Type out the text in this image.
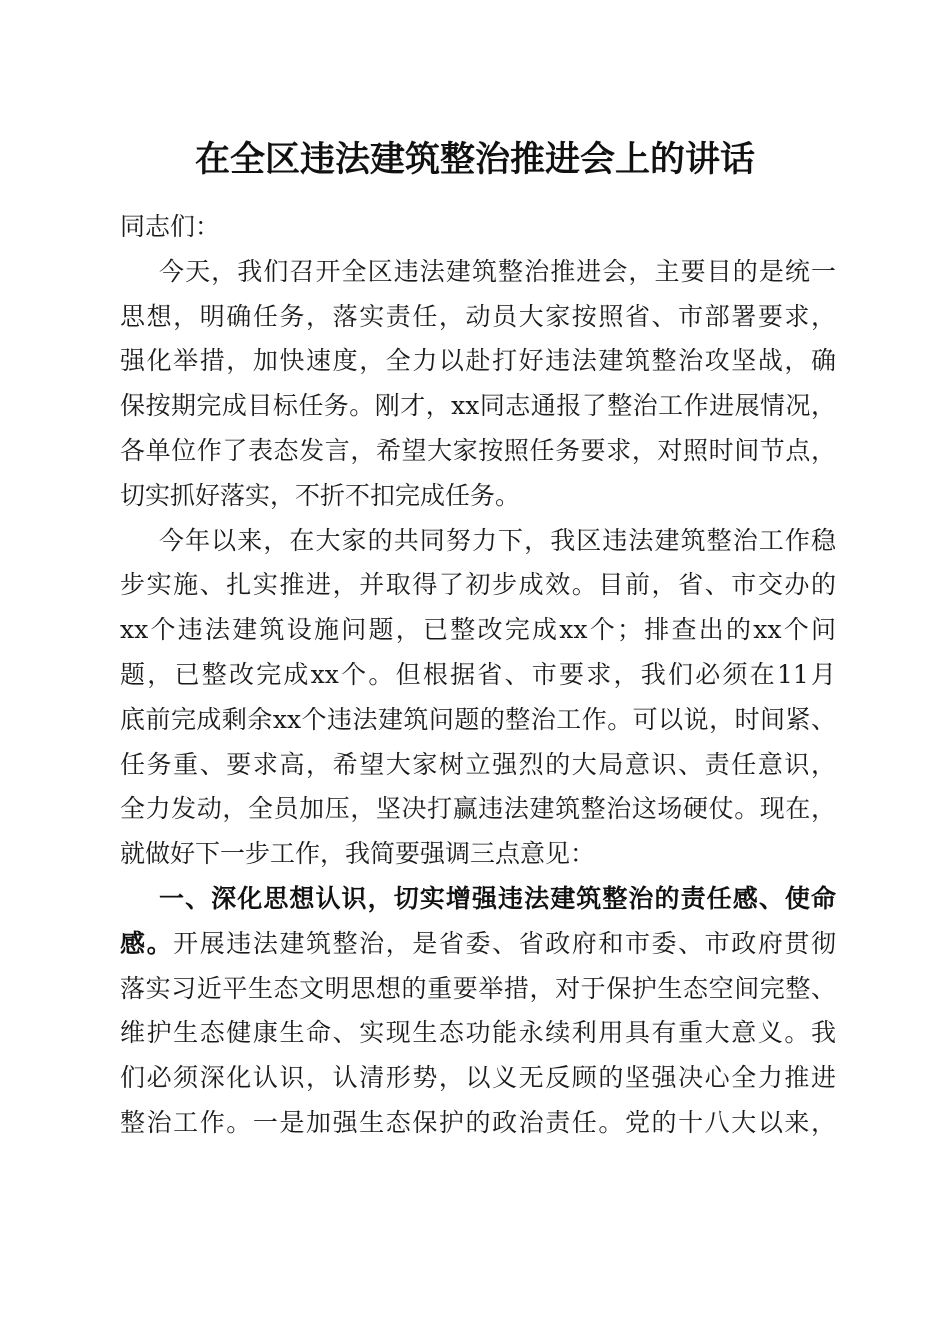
在全区违法建筑整治推进会上的讲话
同志们：
今天，我们召开全区违法建筑整治推进会，主要目的是统一
思想，明确任务，落实责任，动员大家按照省、市部署要求，
强化举措，加快速度，全力以赴打好违法建筑整治攻坚战，确
保按期完成目标任务。刚才，xx同志通报了整治工作进展情况，
各单位作了表态发言，希望大家按照任务要求，对照时间节点，
切实抓好落实，不折不扣完成任务。
今年以来，在大家的共同努力下，我区违法建筑整治工作稳
步实施、扎实推进，并取得了初步成效。目前，省、市交办的
xx个违法建筑设施问题，已整改完成xx个；排查出的xx个问
题，已整改完成xx个。但根据省、市要求，我们必须在11月
底前完成剩余xx个违法建筑问题的整治工作。可以说，时间紧、
任务重、要求高，希望大家树立强烈的大局意识、责任意识，
全力发动，全员加压，坚决打赢违法建筑整治这场硬仗。现在，
就做好下一步工作，我简要强调三点意见：
一、深化思想认识，切实增强违法建筑整治的责任感、使命
感。开展违法建筑整治，是省委、省政府和市委、市政府贯彻
落实习近平生态文明思想的重要举措，对于保护生态空间完整、
维护生态健康生命、实现生态功能永续利用具有重大意义。我
们必须深化认识，认清形势，以义无反顾的坚强决心全力推进
整治工作。一是加强生态保护的政治责任。党的十八大以来，
